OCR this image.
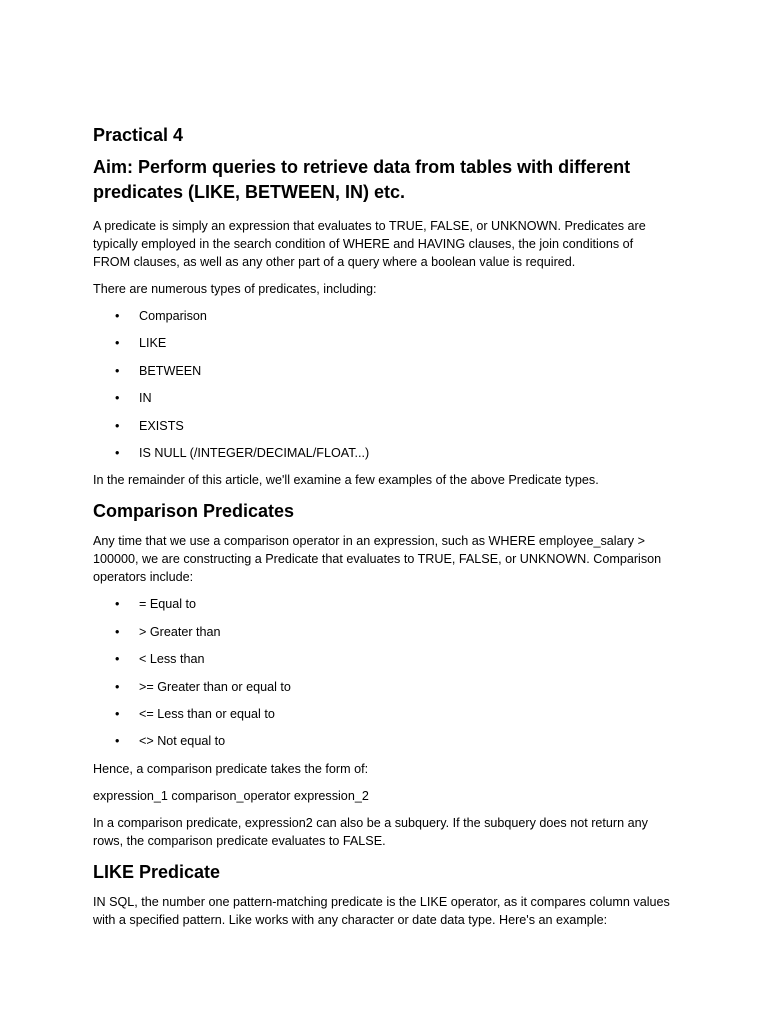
Practical 4
Aim: Perform queries to retrieve data from tables with different predicates (LIKE, BETWEEN, IN) etc.

A predicate is simply an expression that evaluates to TRUE, FALSE, or UNKNOWN. Predicates are typically employed in the search condition of WHERE and HAVING clauses, the join conditions of FROM clauses, as well as any other part of a query where a boolean value is required.

There are numerous types of predicates, including:

• Comparison
• LIKE
• BETWEEN
• IN
• EXISTS
• IS NULL (/INTEGER/DECIMAL/FLOAT...)

In the remainder of this article, we'll examine a few examples of the above Predicate types.

Comparison Predicates

Any time that we use a comparison operator in an expression, such as WHERE employee_salary > 100000, we are constructing a Predicate that evaluates to TRUE, FALSE, or UNKNOWN. Comparison operators include:

• = Equal to
• > Greater than
• < Less than
• >= Greater than or equal to
• <= Less than or equal to
• <> Not equal to

Hence, a comparison predicate takes the form of:

expression_1 comparison_operator expression_2

In a comparison predicate, expression2 can also be a subquery. If the subquery does not return any rows, the comparison predicate evaluates to FALSE.

LIKE Predicate

IN SQL, the number one pattern-matching predicate is the LIKE operator, as it compares column values with a specified pattern. Like works with any character or date data type. Here's an example:
